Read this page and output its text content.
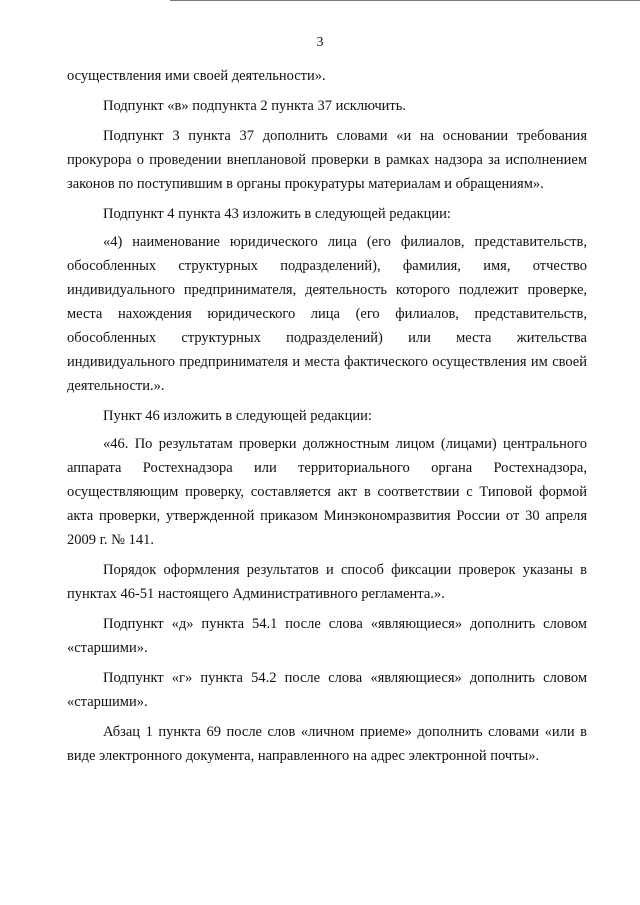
3

осуществления ими своей деятельности».

Подпункт «в» подпункта 2 пункта 37 исключить.

Подпункт 3 пункта 37 дополнить словами «и на основании требования прокурора о проведении внеплановой проверки в рамках надзора за исполнением законов по поступившим в органы прокуратуры материалам и обращениям».

Подпункт 4 пункта 43 изложить в следующей редакции:

«4) наименование юридического лица (его филиалов, представительств, обособленных структурных подразделений), фамилия, имя, отчество индивидуального предпринимателя, деятельность которого подлежит проверке, места нахождения юридического лица (его филиалов, представительств, обособленных структурных подразделений) или места жительства индивидуального предпринимателя и места фактического осуществления им своей деятельности.».

Пункт 46 изложить в следующей редакции:

«46. По результатам проверки должностным лицом (лицами) центрального аппарата Ростехнадзора или территориального органа Ростехнадзора, осуществляющим проверку, составляется акт в соответствии с Типовой формой акта проверки, утвержденной приказом Минэкономразвития России от 30 апреля 2009 г. № 141.

Порядок оформления результатов и способ фиксации проверок указаны в пунктах 46-51 настоящего Административного регламента.».

Подпункт «д» пункта 54.1 после слова «являющиеся» дополнить словом «старшими».

Подпункт «г» пункта 54.2 после слова «являющиеся» дополнить словом «старшими».

Абзац 1 пункта 69 после слов «личном приеме» дополнить словами «или в виде электронного документа, направленного на адрес электронной почты».
